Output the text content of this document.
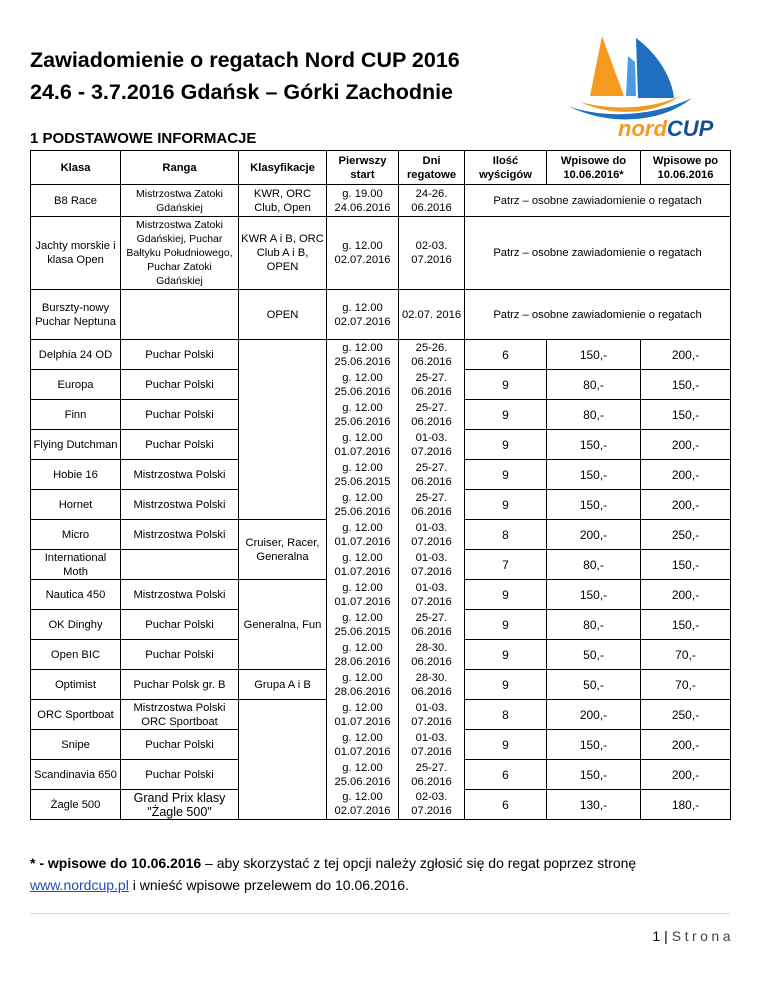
Zawiadomienie o regatach Nord CUP 2016
24.6 - 3.7.2016 Gdańsk – Górki Zachodnie
nordCUP
1 PODSTAWOWE INFORMACJE
Klasa	Ranga	Klasyfikacje	Pierwszy start	Dni regatowe	Ilość wyścigów	Wpisowe do 10.06.2016*	Wpisowe po 10.06.2016
B8 Race	Mistrzostwa Zatoki Gdańskiej	KWR, ORC Club, Open	g. 19.00 24.06.2016	24-26. 06.2016	Patrz – osobne zawiadomienie o regatach		
Jachty morskie i klasa Open	Mistrzostwa Zatoki Gdańskiej, Puchar Bałtyku Południowego, Puchar Zatoki Gdańskiej	KWR A i B, ORC Club A i B, OPEN	g. 12.00 02.07.2016	02-03. 07.2016	Patrz – osobne zawiadomienie o regatach		
Burszty-nowy Puchar Neptuna		OPEN	g. 12.00 02.07.2016	02.07. 2016	Patrz – osobne zawiadomienie o regatach		
Delphia 24 OD	Puchar Polski		g. 12.00 25.06.2016	25-26. 06.2016	6	150,-	200,-
Europa	Puchar Polski		g. 12.00 25.06.2016	25-27. 06.2016	9	80,-	150,-
Finn	Puchar Polski		g. 12.00 25.06.2016	25-27. 06.2016	9	80,-	150,-
Flying Dutchman	Puchar Polski		g. 12.00 01.07.2016	01-03. 07.2016	9	150,-	200,-
Hobie 16	Mistrzostwa Polski		g. 12.00 25.06.2015	25-27. 06.2016	9	150,-	200,-
Hornet	Mistrzostwa Polski		g. 12.00 25.06.2016	25-27. 06.2016	9	150,-	200,-
Micro	Mistrzostwa Polski	Cruiser, Racer, Generalna	g. 12.00 01.07.2016	01-03. 07.2016	8	200,-	250,-
International Moth			g. 12.00 01.07.2016	01-03. 07.2016	7	80,-	150,-
Nautica 450	Mistrzostwa Polski	Generalna, Fun	g. 12.00 01.07.2016	01-03. 07.2016	9	150,-	200,-
OK Dinghy	Puchar Polski		g. 12.00 25.06.2015	25-27. 06.2016	9	80,-	150,-
Open BIC	Puchar Polski		g. 12.00 28.06.2016	28-30. 06.2016	9	50,-	70,-
Optimist	Puchar Polsk gr. B	Grupa A i B	g. 12.00 28.06.2016	28-30. 06.2016	9	50,-	70,-
ORC Sportboat	Mistrzostwa Polski ORC Sportboat		g. 12.00 01.07.2016	01-03. 07.2016	8	200,-	250,-
Snipe	Puchar Polski		g. 12.00 01.07.2016	01-03. 07.2016	9	150,-	200,-
Scandinavia 650	Puchar Polski		g. 12.00 25.06.2016	25-27. 06.2016	6	150,-	200,-
Żagle 500	Grand Prix klasy "Żagle 500"		g. 12.00 02.07.2016	02-03. 07.2016	6	130,-	180,-

* - wpisowe do 10.06.2016 – aby skorzystać z tej opcji należy zgłosić się do regat poprzez stronę
www.nordcup.pl i wnieść wpisowe przelewem do 10.06.2016.

1 | Strona
